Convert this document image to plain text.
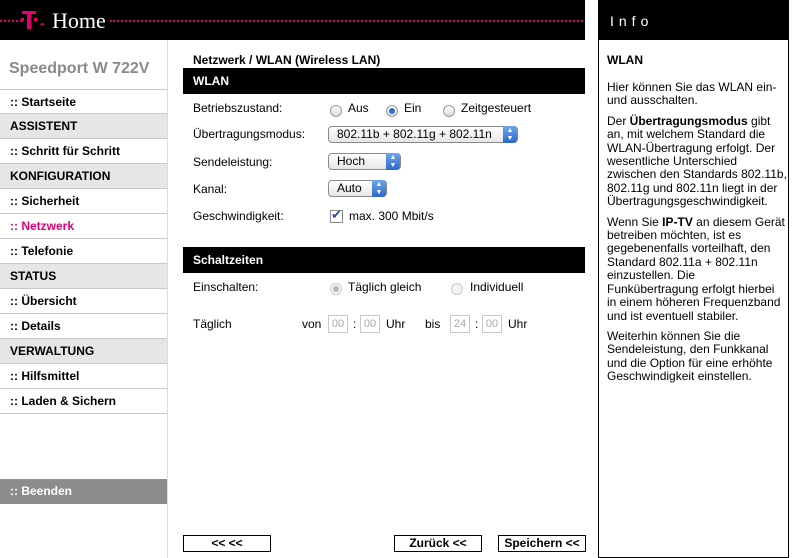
- Home	Info
Speedport W 722V
:: Startseite
ASSISTENT
:: Schritt für Schritt
KONFIGURATION
:: Sicherheit
:: Netzwerk
:: Telefonie
STATUS
:: Übersicht
:: Details
VERWALTUNG
:: Hilfsmittel
:: Laden & Sichern
:: Beenden
Netzwerk / WLAN (Wireless LAN)
WLAN
Betriebszustand:	Aus	Ein	Zeitgesteuert
Übertragungsmodus:	802.11b + 802.11g + 802.11n	▲
▼
Sendeleistung:	Hoch	▲
▼
Kanal:	Auto	▲
▼
Geschwindigkeit:
✔	max. 300 Mbit/s
Schaltzeiten
Einschalten:	Täglich gleich	Individuell
Täglich	von 00 : 00 Uhr bis	24 : 00 Uhr
<< <<	Zurück <<	Speichern <<
WLAN

Hier können Sie das WLAN ein- und ausschalten.

Der Übertragungsmodus gibt an, mit welchem Standard die WLAN-Übertragung erfolgt. Der wesentliche Unterschied zwischen den Standards 802.11b, 802.11g und 802.11n liegt in der Übertragungsgeschwindigkeit.

Wenn Sie IP-TV an diesem Gerät betreiben möchten, ist es gegebenenfalls vorteilhaft, den Standard 802.11a + 802.11n einzustellen. Die Funkübertragung erfolgt hierbei in einem höheren Frequenzband und ist eventuell stabiler.

Weiterhin können Sie die Sendeleistung, den Funkkanal und die Option für eine erhöhte Geschwindigkeit einstellen.
